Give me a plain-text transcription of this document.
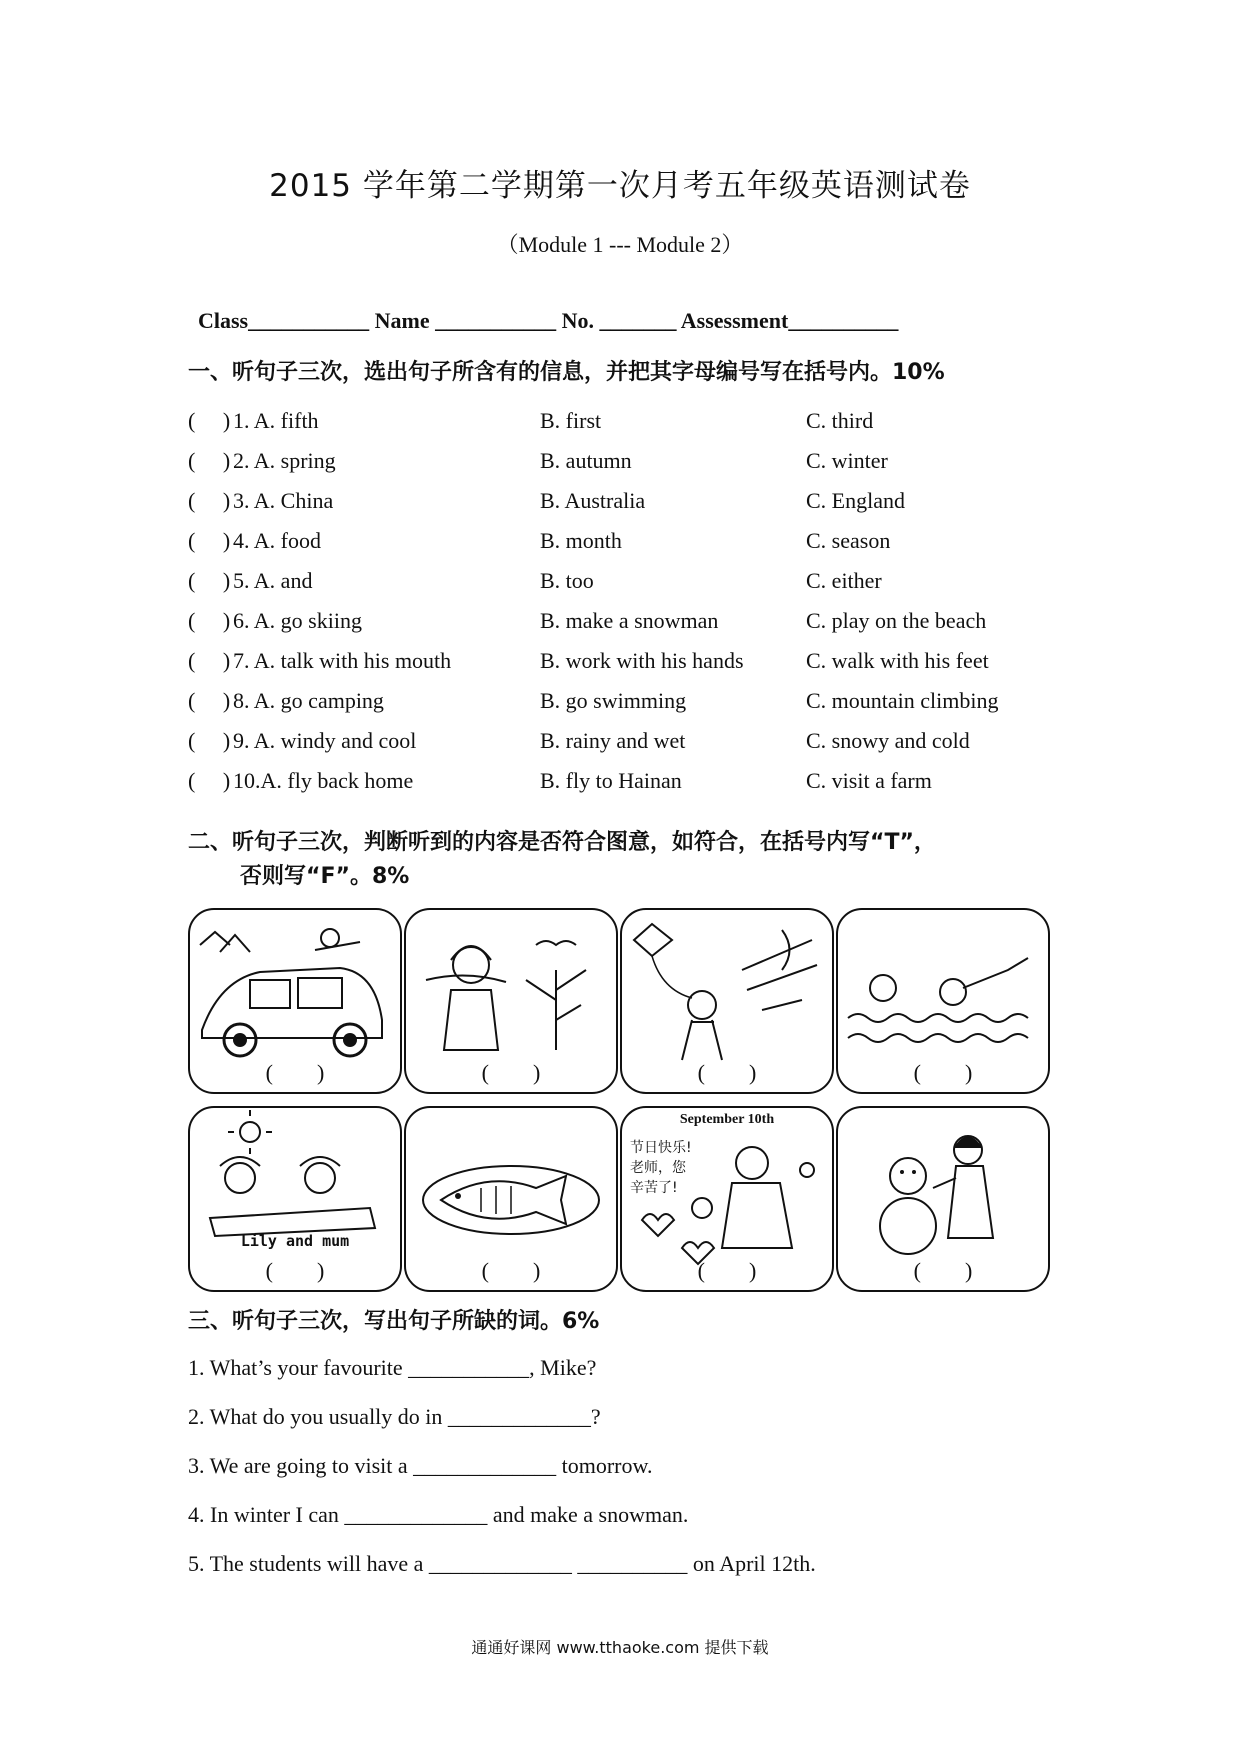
2015 学年第二学期第一次月考五年级英语测试卷
（Module 1 --- Module 2）
Class___________ Name ___________ No. _______ Assessment__________
一、听句子三次，选出句子所含有的信息，并把其字母编号写在括号内。10%
(     ) 1. A. fifth	B. first	C. third
(     ) 2. A. spring	B. autumn	C. winter
(     ) 3. A. China	B. Australia	C. England
(     ) 4. A. food	B. month	C. season
(     ) 5. A. and	B. too	C. either
(     ) 6. A. go skiing	B. make a snowman	C. play on the beach
(     ) 7. A. talk with his mouth	B. work with his hands	C. walk with his feet
(     ) 8. A. go camping	B. go swimming	C. mountain climbing
(     ) 9. A. windy and cool	B. rainy and wet	C. snowy and cold
(     ) 10.A. fly back home	B. fly to Hainan	C. visit a farm
二、听句子三次，判断听到的内容是否符合图意，如符合，在括号内写“T”，
否则写“F”。8%
(        )	(        )	(        )	(        )
Lily and mum
(        )	(        )
September 10th
节日快乐! 老师，您 辛苦了!
(        )	(        )
三、听句子三次，写出句子所缺的词。6%
1. What’s your favourite ___________, Mike?
2. What do you usually do in _____________?
3. We are going to visit a _____________ tomorrow.
4. In winter I can _____________ and make a snowman.
5. The students will have a _____________ __________ on April 12th.
通通好课网 www.tthaoke.com 提供下载
